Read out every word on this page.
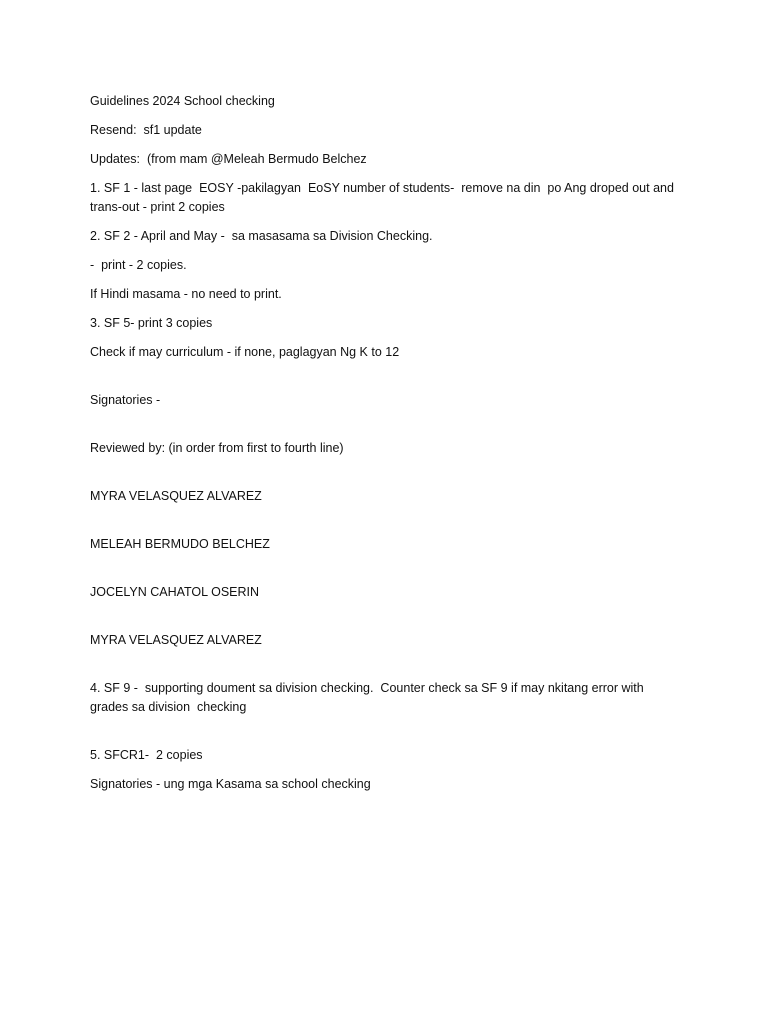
Guidelines 2024 School checking

Resend:  sf1 update

Updates:  (from mam @Meleah Bermudo Belchez

1. SF 1 - last page  EOSY -pakilagyan  EoSY number of students-  remove na din  po Ang droped out and trans-out - print 2 copies

2. SF 2 - April and May -  sa masasama sa Division Checking.

-  print - 2 copies.

If Hindi masama - no need to print.

3. SF 5- print 3 copies

Check if may curriculum - if none, paglagyan Ng K to 12

Signatories -

Reviewed by: (in order from first to fourth line)

MYRA VELASQUEZ ALVAREZ

MELEAH BERMUDO BELCHEZ

JOCELYN CAHATOL OSERIN

MYRA VELASQUEZ ALVAREZ

4. SF 9 -  supporting doument sa division checking.  Counter check sa SF 9 if may nkitang error with grades sa division  checking

5. SFCR1-  2 copies

Signatories - ung mga Kasama sa school checking
